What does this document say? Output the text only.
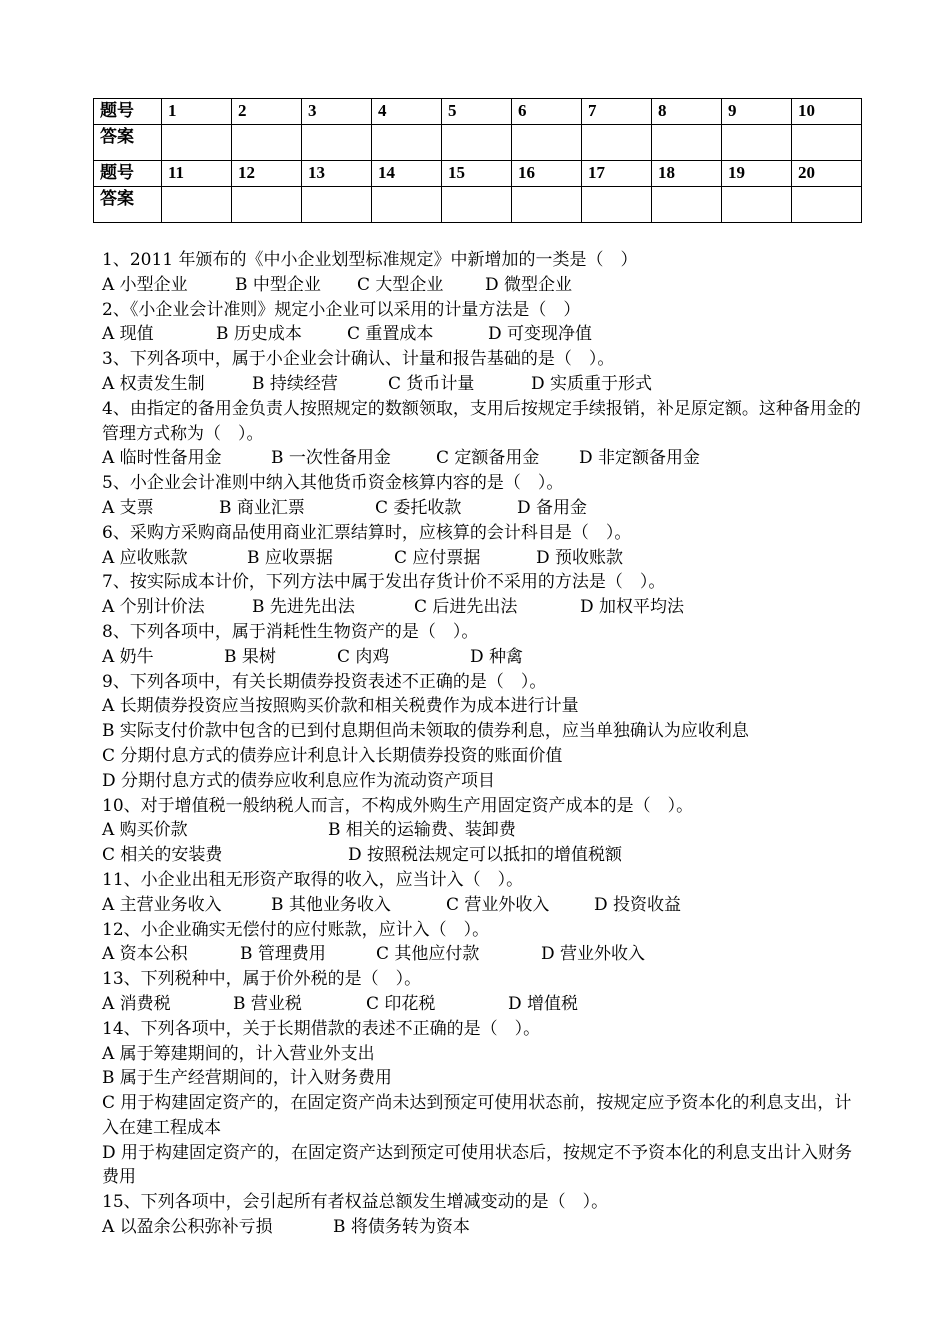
题号	1	2	3	4	5	6	7	8	9	10
答案										
题号	11	12	13	14	15	16	17	18	19	20
答案										
1、2011 年颁布的《中小企业划型标准规定》中新增加的一类是（　）
A 小型企业	B 中型企业 C 大型企业 D 微型企业
2、《小企业会计准则》规定小企业可以采用的计量方法是（　）
A 现值	B 历史成本	C 重置成本	D 可变现净值
3、下列各项中，属于小企业会计确认、计量和报告基础的是（　）。
A 权责发生制	B 持续经营	C 货币计量	D 实质重于形式
4、由指定的备用金负责人按照规定的数额领取，支用后按规定手续报销，补足原定额。这种备用金的管理方式称为（　）。
A 临时性备用金	B 一次性备用金	C 定额备用金 D 非定额备用金
5、小企业会计准则中纳入其他货币资金核算内容的是（　）。
A 支票	B 商业汇票	C 委托收款	D 备用金
6、采购方采购商品使用商业汇票结算时，应核算的会计科目是（　）。
A 应收账款	B 应收票据	C 应付票据	D 预收账款
7、按实际成本计价，下列方法中属于发出存货计价不采用的方法是（　）。
A 个别计价法	B 先进先出法	C 后进先出法	D 加权平均法
8、下列各项中，属于消耗性生物资产的是（　）。
A 奶牛	B 果树	C 肉鸡	D 种禽
9、下列各项中，有关长期债券投资表述不正确的是（　）。
A 长期债券投资应当按照购买价款和相关税费作为成本进行计量
B 实际支付价款中包含的已到付息期但尚未领取的债券利息，应当单独确认为应收利息
C 分期付息方式的债券应计利息计入长期债券投资的账面价值
D 分期付息方式的债券应收利息应作为流动资产项目
10、对于增值税一般纳税人而言，不构成外购生产用固定资产成本的是（　）。
A 购买价款	B 相关的运输费、装卸费
C 相关的安装费	D 按照税法规定可以抵扣的增值税额
11、小企业出租无形资产取得的收入，应当计入（　）。
A 主营业务收入	B 其他业务收入	C 营业外收入	D 投资收益
12、小企业确实无偿付的应付账款，应计入（　）。
A 资本公积	B 管理费用	C 其他应付款	D 营业外收入
13、下列税种中，属于价外税的是（　）。
A 消费税	B 营业税	C 印花税	D 增值税
14、下列各项中，关于长期借款的表述不正确的是（　）。
A 属于筹建期间的，计入营业外支出
B 属于生产经营期间的，计入财务费用
C 用于构建固定资产的，在固定资产尚未达到预定可使用状态前，按规定应予资本化的利息支出，计入在建工程成本
D 用于构建固定资产的，在固定资产达到预定可使用状态后，按规定不予资本化的利息支出计入财务费用
15、下列各项中，会引起所有者权益总额发生增减变动的是（　）。
A 以盈余公积弥补亏损	B 将债务转为资本
